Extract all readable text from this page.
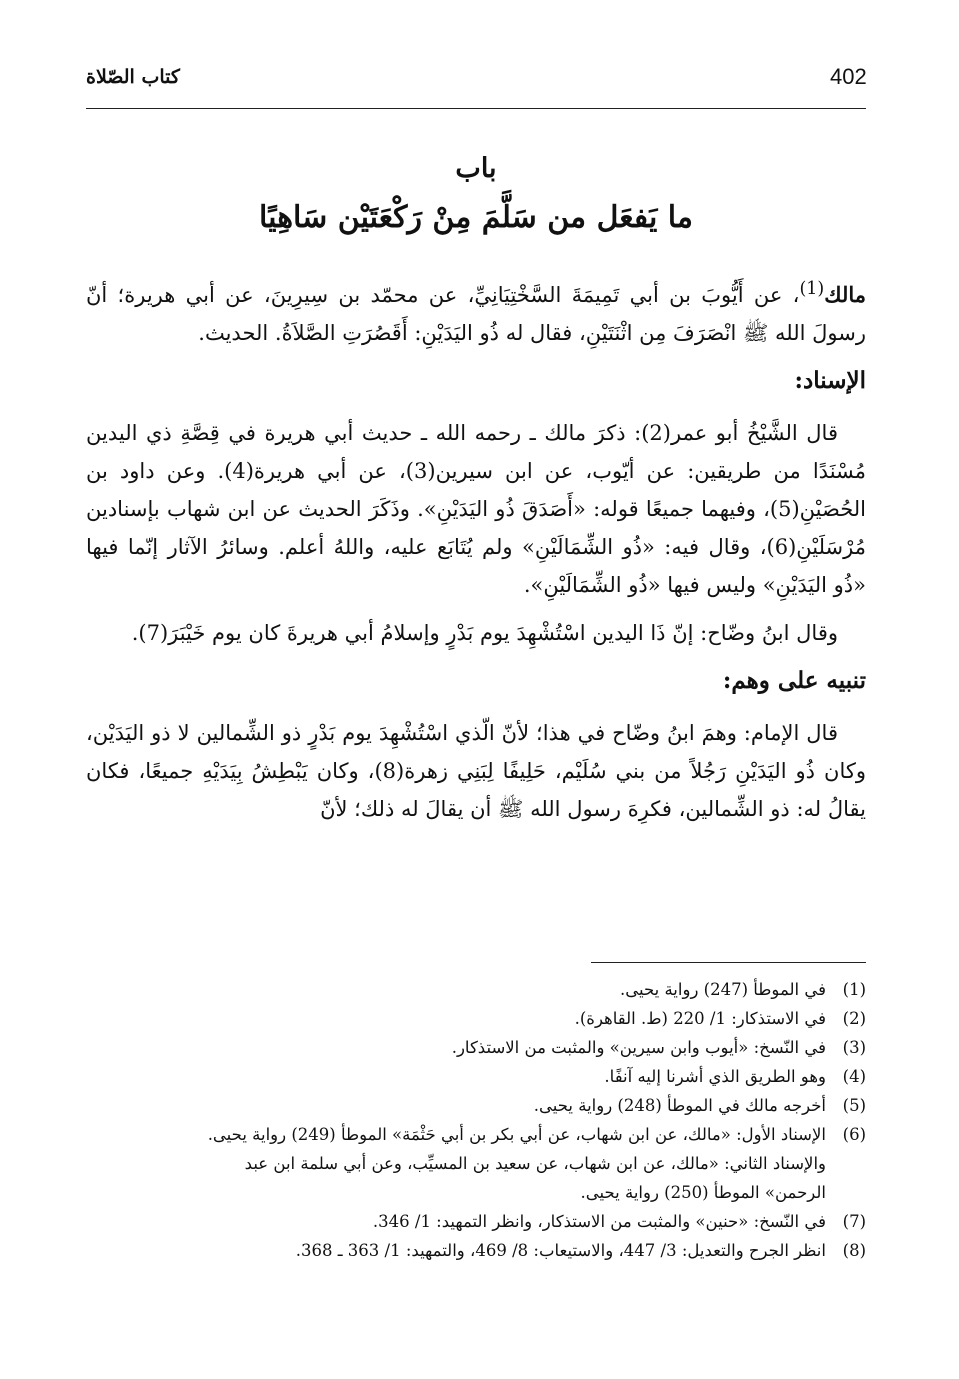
402
كتاب الصّلاة
باب
ما يَفعَل من سَلَّمَ مِنْ رَكْعَتَيْن سَاهِيًا

مالك$^{(1)}$، عن أَيُّوبَ بن أبي تَمِيمَةَ السَّخْتِيَانِيِّ، عن محمّد بن سِيرِينَ، عن أبي هريرة؛ أنّ رسولَ الله ﷺ انْصَرَفَ مِن اثْنَتَيْنِ، فقال له ذُو اليَدَيْنِ: أَقَصُرَتِ الصَّلاَةُ. الحديث.

الإسناد:

قال الشَّيْخُ أبو عمر(2): ذكرَ مالك ـ رحمه الله ـ حديث أبي هريرة في قِصَّةِ ذي اليدين مُسْنَدًا من طريقين: عن أيّوب، عن ابن سيرين(3)، عن أبي هريرة(4). وعن داود بن الحُصَيْنِ(5)، وفيهما جميعًا قوله: «أَصَدَقَ ذُو اليَدَيْنِ». وذَكَرَ الحديث عن ابن شهاب بإسنادين مُرْسَلَيْنِ(6)، وقال فيه: «ذُو الشِّمَالَيْنِ» ولم يُتَابَع عليه، واللهُ أعلم. وسائرُ الآثار إنّما فيها «ذُو اليَدَيْنِ» وليس فيها «ذُو الشِّمَالَيْنِ».

وقال ابنُ وضّاح: إنّ ذَا اليدين اسْتُشْهِدَ يوم بَدْرٍ وإسلامُ أبي هريرةَ كان يوم خَيْبَرَ(7).

تنبيه على وهم:

قال الإمام: وهمَ ابنُ وضّاح في هذا؛ لأنّ الّذي اسْتُشْهِدَ يوم بَدْرٍ ذو الشِّمالين لا ذو اليَدَيْن، وكان ذُو اليَدَيْنِ رَجُلاً من بني سُلَيْم، حَلِيفًا لِبَنِي زهرة(8)، وكان يَبْطِشُ بِيَدَيْهِ جميعًا، فكان يقالُ له: ذو الشِّمالين، فكرِهَ رسول الله ﷺ أن يقالَ له ذلك؛ لأنّ

(1)
في الموطأ (247) رواية يحيى.
(2)
في الاستذكار: 1/ 220 (ط. القاهرة).
(3)
في النّسخ: «أيوب وابن سيرين» والمثبت من الاستذكار.
(4)
وهو الطريق الذي أشرنا إليه آنفًا.
(5)
أخرجه مالك في الموطأ (248) رواية يحيى.
(6)
الإسناد الأول: «مالك، عن ابن شهاب، عن أبي بكر بن أبي حَثْمَة» الموطأ (249) رواية يحيى. والإسناد الثاني: «مالك، عن ابن شهاب، عن سعيد بن المسيِّب، وعن أبي سلمة ابن عبد الرحمن» الموطأ (250) رواية يحيى.
(7)
في النّسخ: «حنين» والمثبت من الاستذكار، وانظر التمهيد: 1/ 346.
(8)
انظر الجرح والتعديل: 3/ 447، والاستيعاب: 8/ 469، والتمهيد: 1/ 363 ـ 368.
